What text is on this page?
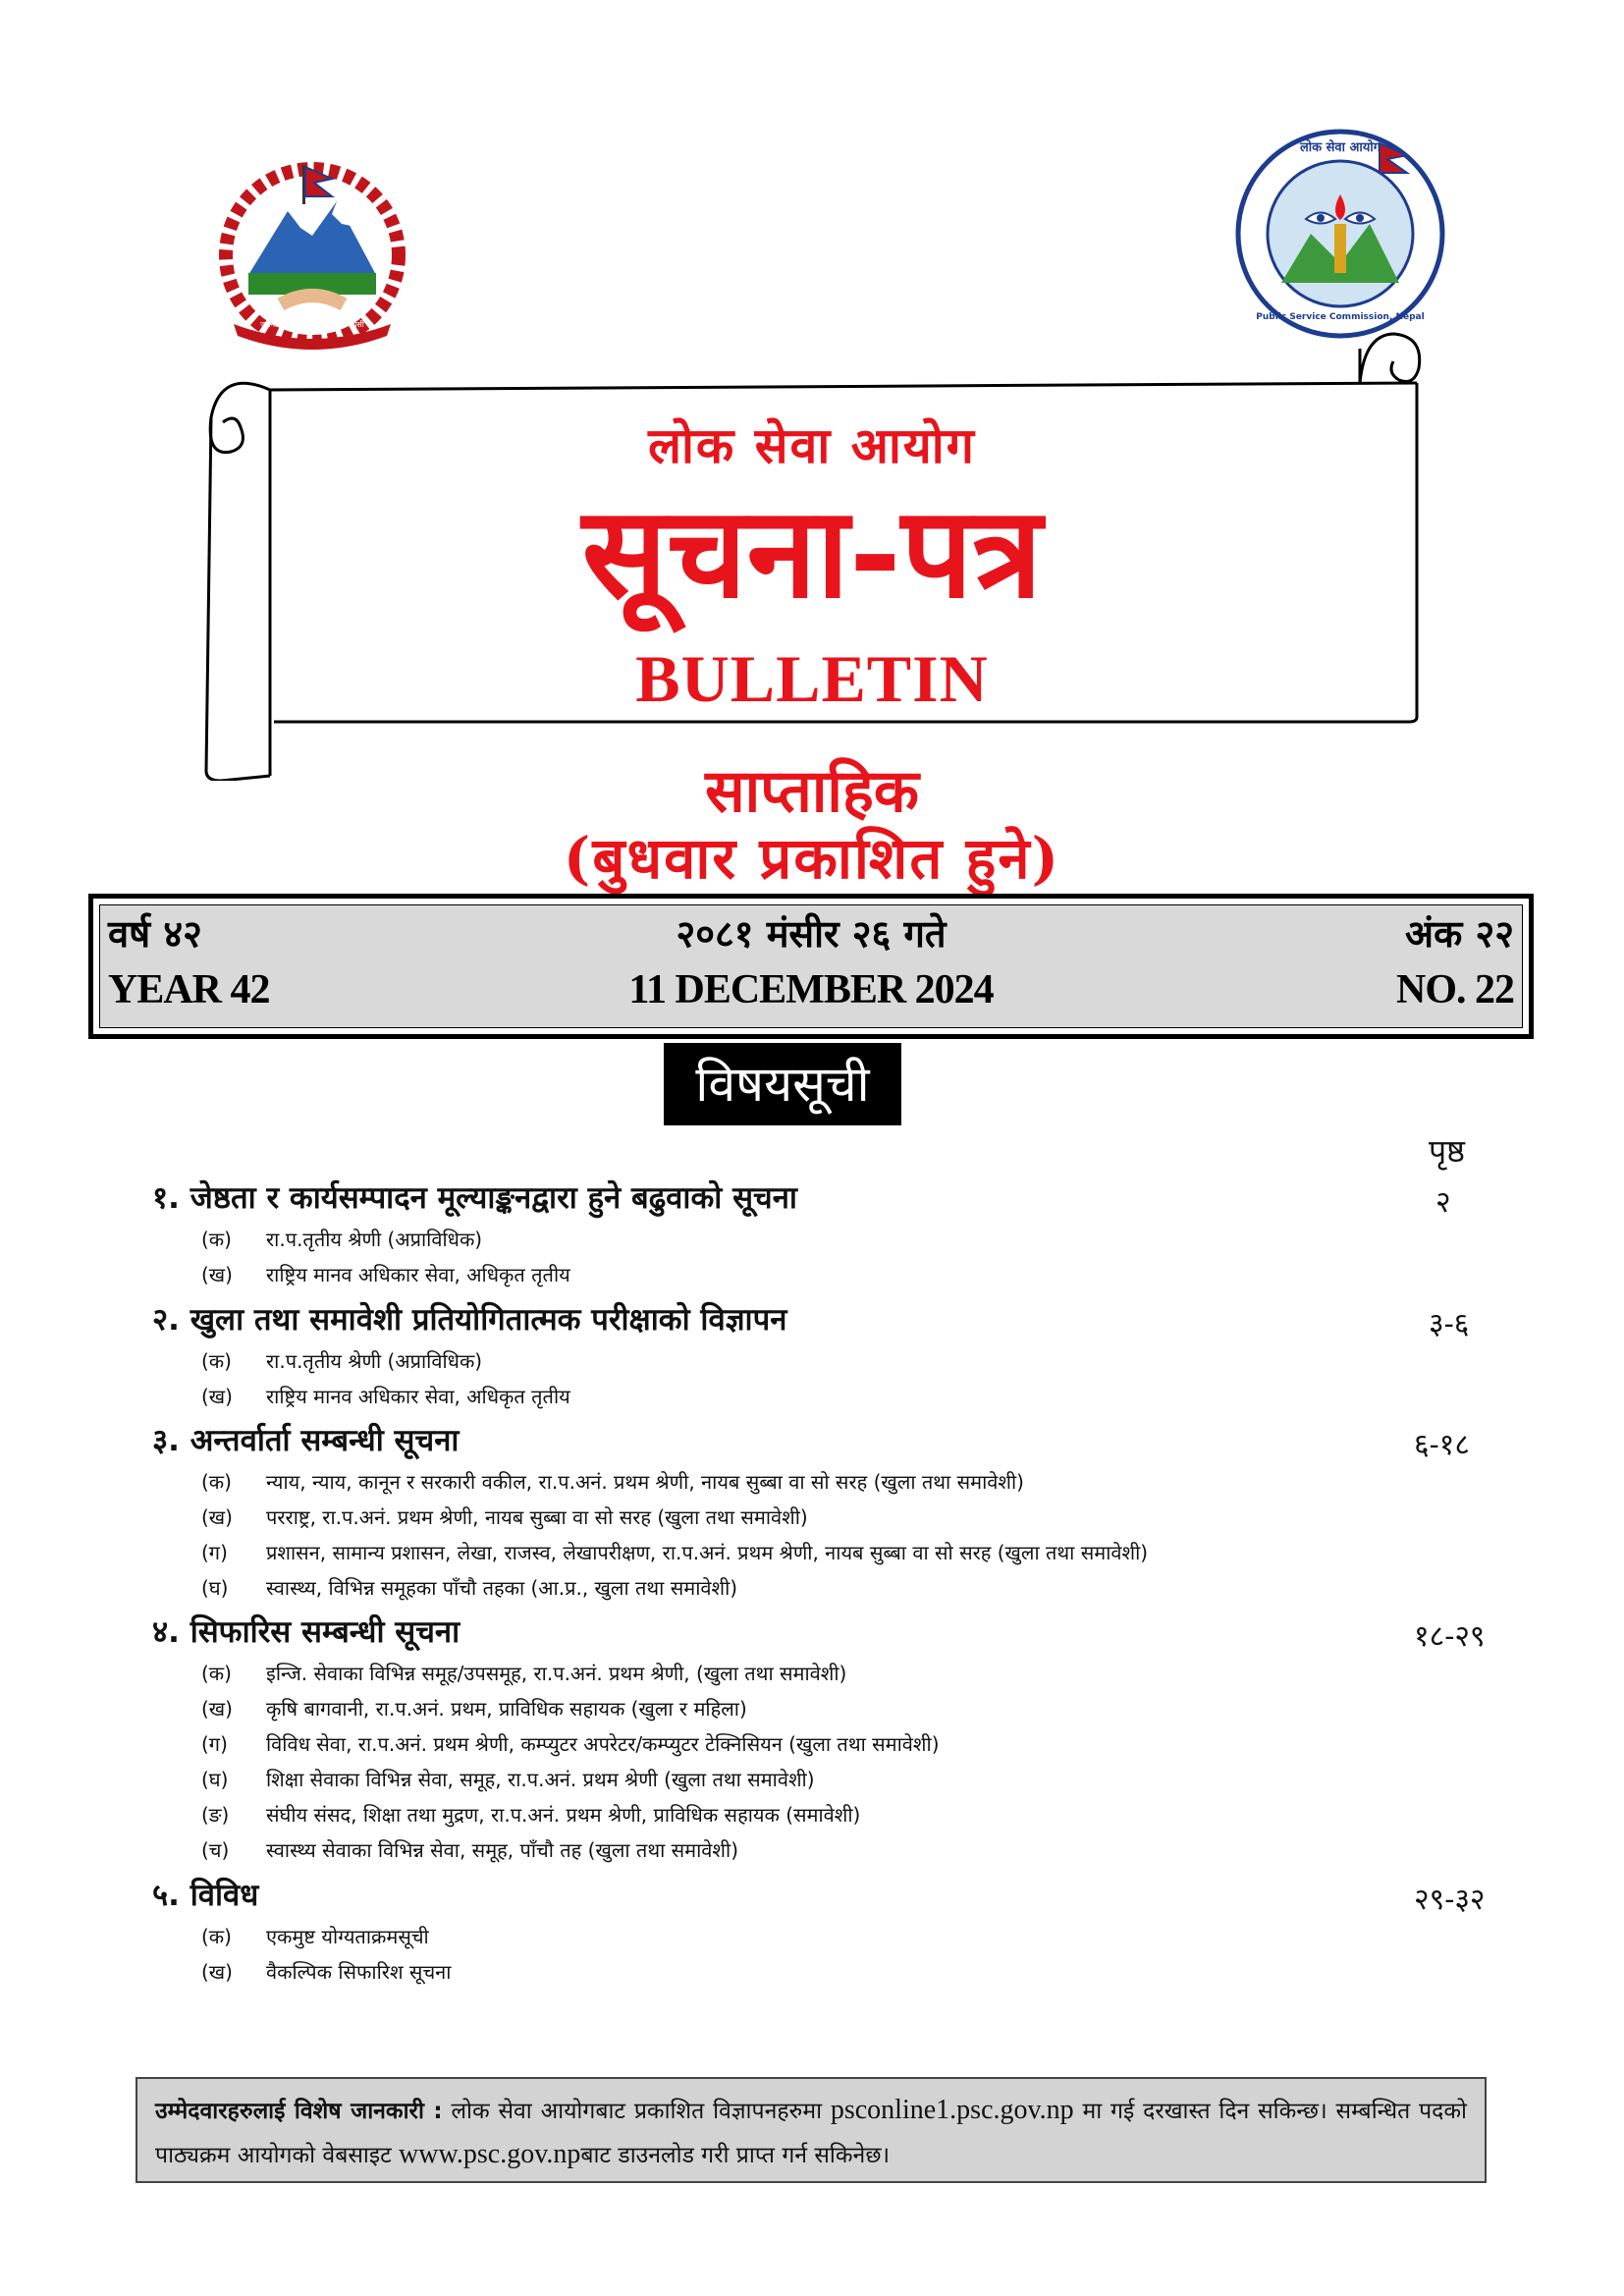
जननी जन्मभूमिश्च स्वर्गादपि गरीयसी
लोक सेवा आयोग
Public Service Commission, Nepal
लोक सेवा आयोग
सूचना-पत्र
BULLETIN
साप्ताहिक
(बुधवार प्रकाशित हुने)
वर्ष ४२	२०८१ मंसीर २६ गते	अंक २२
YEAR 42	11 DECEMBER 2024	NO. 22
विषयसूची
पृष्ठ
१. जेष्ठता र कार्यसम्पादन मूल्याङ्कनद्वारा हुने बढुवाको सूचना	२
(क) रा.प.तृतीय श्रेणी (अप्राविधिक)
(ख) राष्ट्रिय मानव अधिकार सेवा, अधिकृत तृतीय
२. खुला तथा समावेशी प्रतियोगितात्मक परीक्षाको विज्ञापन	३-६
(क) रा.प.तृतीय श्रेणी (अप्राविधिक)
(ख) राष्ट्रिय मानव अधिकार सेवा, अधिकृत तृतीय
३. अन्तर्वार्ता सम्बन्धी सूचना	६-१८
(क) न्याय, न्याय, कानून र सरकारी वकील, रा.प.अनं. प्रथम श्रेणी, नायब सुब्बा वा सो सरह (खुला तथा समावेशी)
(ख) परराष्ट्र, रा.प.अनं. प्रथम श्रेणी, नायब सुब्बा वा सो सरह (खुला तथा समावेशी)
(ग) प्रशासन, सामान्य प्रशासन, लेखा, राजस्व, लेखापरीक्षण, रा.प.अनं. प्रथम श्रेणी, नायब सुब्बा वा सो सरह (खुला तथा समावेशी)
(घ) स्वास्थ्य, विभिन्न समूहका पाँचौ तहका (आ.प्र., खुला तथा समावेशी)
४. सिफारिस सम्बन्धी सूचना	१८-२९
(क) इन्जि. सेवाका विभिन्न समूह/उपसमूह, रा.प.अनं. प्रथम श्रेणी, (खुला तथा समावेशी)
(ख) कृषि बागवानी, रा.प.अनं. प्रथम, प्राविधिक सहायक (खुला र महिला)
(ग) विविध सेवा, रा.प.अनं. प्रथम श्रेणी, कम्प्युटर अपरेटर/कम्प्युटर टेक्निसियन (खुला तथा समावेशी)
(घ) शिक्षा सेवाका विभिन्न सेवा, समूह, रा.प.अनं. प्रथम श्रेणी (खुला तथा समावेशी)
(ङ) संघीय संसद, शिक्षा तथा मुद्रण, रा.प.अनं. प्रथम श्रेणी, प्राविधिक सहायक (समावेशी)
(च) स्वास्थ्य सेवाका विभिन्न सेवा, समूह, पाँचौ तह (खुला तथा समावेशी)
५. विविध	२९-३२
(क) एकमुष्ट योग्यताक्रमसूची
(ख) वैकल्पिक सिफारिश सूचना
उम्मेदवारहरुलाई विशेष जानकारी : लोक सेवा आयोगबाट प्रकाशित विज्ञापनहरुमा psconline1.psc.gov.np मा गई दरखास्त दिन सकिन्छ। सम्बन्धित पदको पाठ्यक्रम आयोगको वेबसाइट www.psc.gov.npबाट डाउनलोड गरी प्राप्त गर्न सकिनेछ।
